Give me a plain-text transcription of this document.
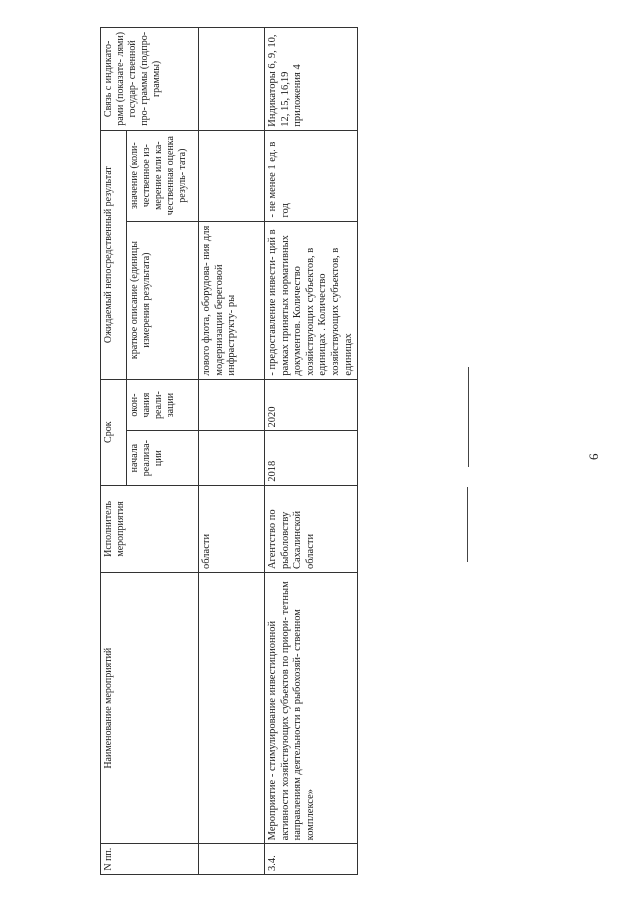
6
N пп.	Наименование мероприятий	Исполнитель мероприятия	Срок		Ожидаемый непосредственный результат		Связь с индикато- рами (показате- лями) государ- ственной про- граммы (подпро- граммы)
			начала реализа- ции	окон- чания реали- зации	краткое описание (единицы измерения результата)	значение (коли- чественное из- мерение или ка- чественная оценка резуль- тата)	
		области			лового флота, оборудова- ния для модернизации береговой инфраструкту- ры		
3.4.	Мероприятие - стимулирование инвестиционной активности хозяйствующих субъектов по приори- тетным направлениям деятельности в рыбохозяй- ственном комплексе»	Агентство по рыболовству Сахалинской области	2018	2020	- предоставление инвести- ций в рамках принятых нормативных документов. Количество хозяйствующих субъектов, в единицах . Количество хозяйствующих субъектов, в единицах	- не менее 1 ед. в год	Индикаторы 6, 9, 10, 12, 15, 16,19 приложения 4
